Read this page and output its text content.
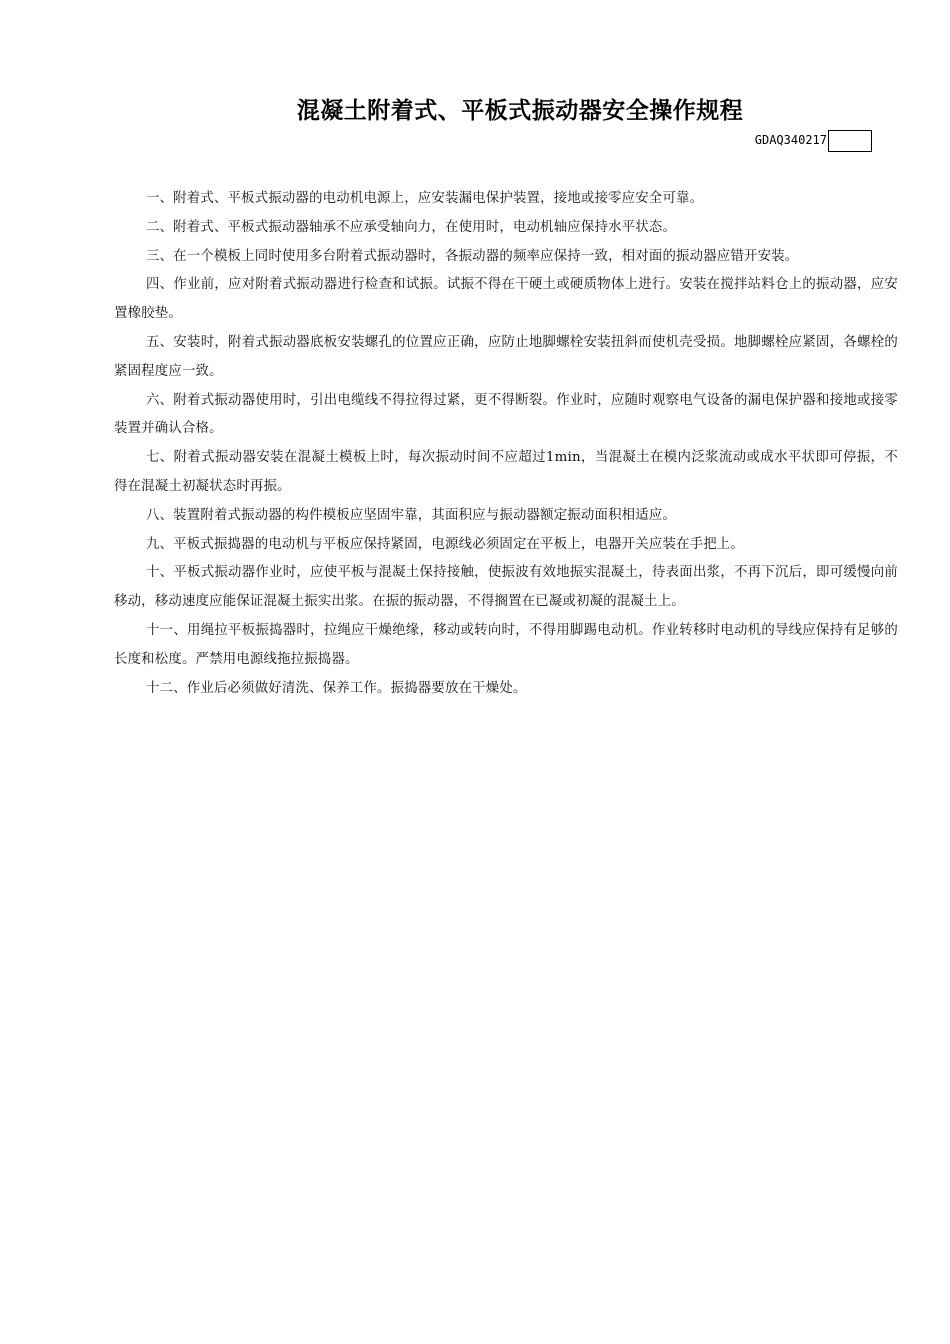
混凝土附着式、平板式振动器安全操作规程
GDAQ340217

一、附着式、平板式振动器的电动机电源上，应安装漏电保护装置，接地或接零应安全可靠。

二、附着式、平板式振动器轴承不应承受轴向力，在使用时，电动机轴应保持水平状态。

三、在一个模板上同时使用多台附着式振动器时，各振动器的频率应保持一致，相对面的振动器应错开安装。

四、作业前，应对附着式振动器进行检查和试振。试振不得在干硬土或硬质物体上进行。安装在搅拌站料仓上的振动器，应安置橡胶垫。

五、安装时，附着式振动器底板安装螺孔的位置应正确，应防止地脚螺栓安装扭斜而使机壳受损。地脚螺栓应紧固，各螺栓的紧固程度应一致。

六、附着式振动器使用时，引出电缆线不得拉得过紧，更不得断裂。作业时，应随时观察电气设备的漏电保护器和接地或接零装置并确认合格。

七、附着式振动器安装在混凝土模板上时，每次振动时间不应超过1min，当混凝土在模内泛浆流动或成水平状即可停振，不得在混凝土初凝状态时再振。

八、装置附着式振动器的构件模板应坚固牢靠，其面积应与振动器额定振动面积相适应。

九、平板式振捣器的电动机与平板应保持紧固，电源线必须固定在平板上，电器开关应装在手把上。

十、平板式振动器作业时，应使平板与混凝土保持接触，使振波有效地振实混凝土，待表面出浆，不再下沉后，即可缓慢向前移动，移动速度应能保证混凝土振实出浆。在振的振动器，不得搁置在已凝或初凝的混凝土上。

十一、用绳拉平板振捣器时，拉绳应干燥绝缘，移动或转向时，不得用脚踢电动机。作业转移时电动机的导线应保持有足够的长度和松度。严禁用电源线拖拉振捣器。

十二、作业后必须做好清洗、保养工作。振捣器要放在干燥处。
